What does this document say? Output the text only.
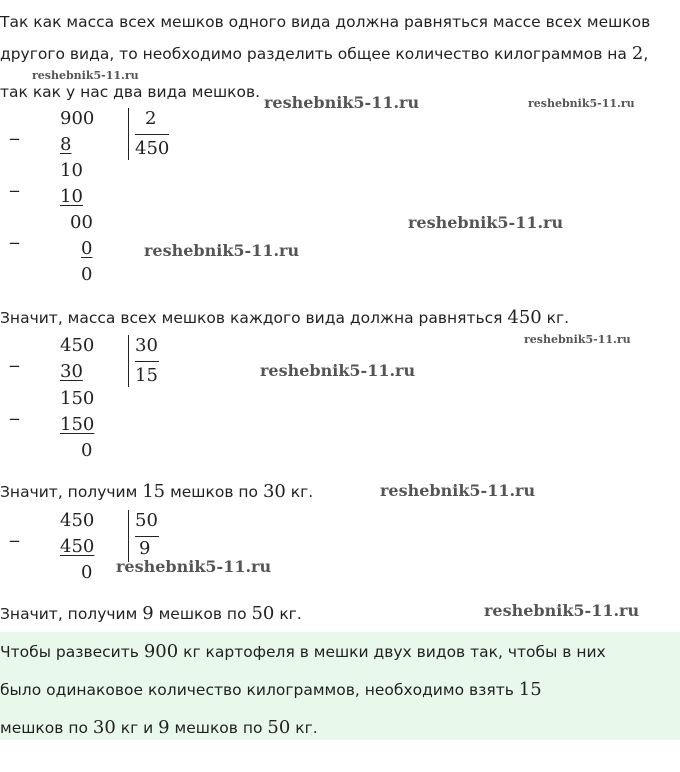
Так как масса всех мешков одного вида должна равняться массе всех мешков
другого вида, то необходимо разделить общее количество килограммов на 2,
так как у нас два вида мешков.
_
900
8
2
450
_
10
10
_
00
0
0
Значит, масса всех мешков каждого вида должна равняться 450 кг.
_
450
30
30
15
_
150
150
0
Значит, получим 15 мешков по 30 кг.
_
450
450
50
9
0
Значит, получим 9 мешков по 50 кг.
Чтобы развесить 900 кг картофеля в мешки двух видов так, чтобы в них
было одинаковое количество килограммов, необходимо взять 15
мешков по 30 кг и 9 мешков по 50 кг.
reshebnik5-11.ru
reshebnik5-11.ru	reshebnik5-11.ru
reshebnik5-11.ru
reshebnik5-11.ru
reshebnik5-11.ru
reshebnik5-11.ru
reshebnik5-11.ru
reshebnik5-11.ru
reshebnik5-11.ru
